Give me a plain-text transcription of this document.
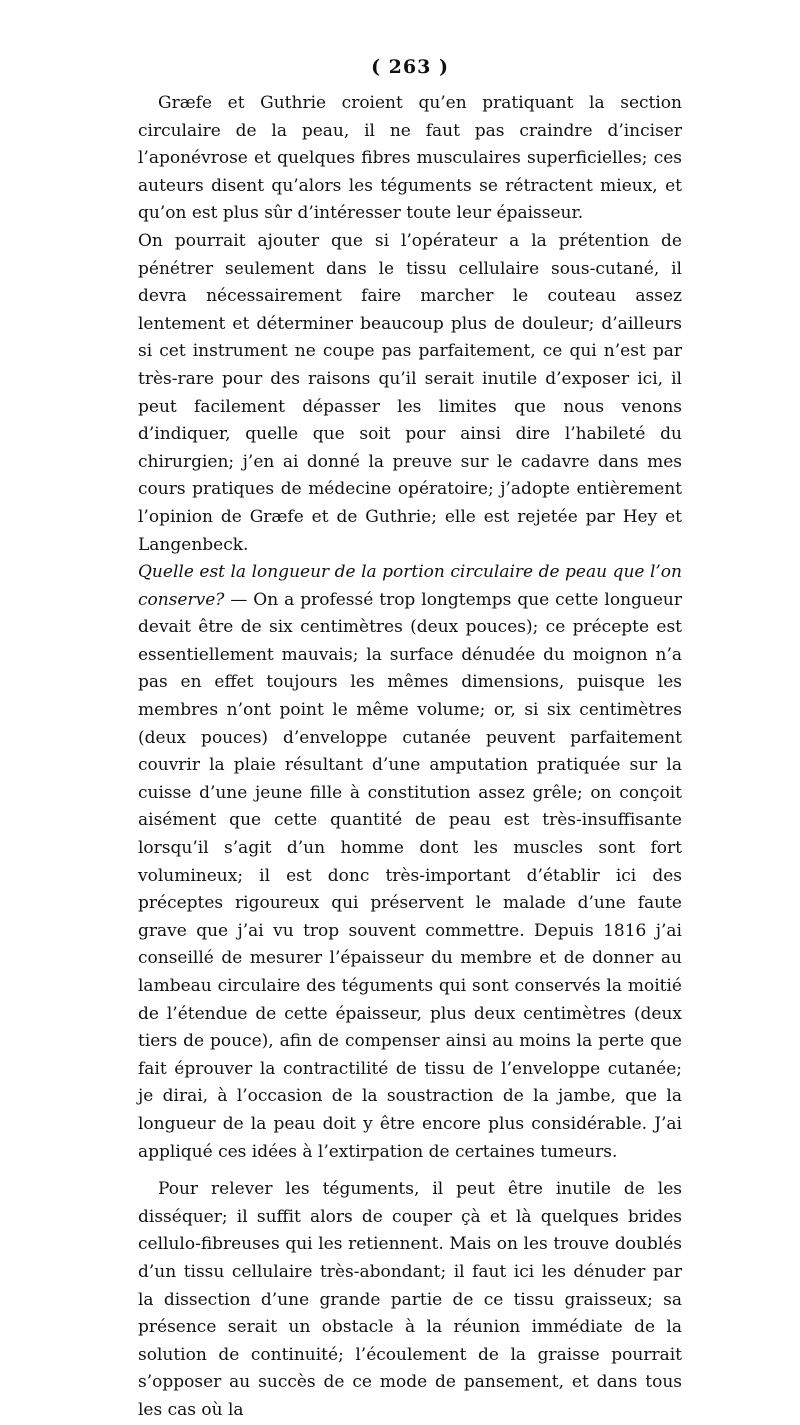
( 263 )

Græfe et Guthrie croient qu’en pratiquant la section circulaire de la peau, il ne faut pas craindre d’inciser l’aponévrose et quelques fibres musculaires superficielles; ces auteurs disent qu’alors les téguments se rétractent mieux, et qu’on est plus sûr d’intéresser toute leur épaisseur.

On pourrait ajouter que si l’opérateur a la prétention de pénétrer seulement dans le tissu cellulaire sous-cutané, il devra nécessairement faire marcher le couteau assez lentement et déterminer beaucoup plus de douleur; d’ailleurs si cet instrument ne coupe pas parfaitement, ce qui n’est par très-rare pour des raisons qu’il serait inutile d’exposer ici, il peut facilement dépasser les limites que nous venons d’indiquer, quelle que soit pour ainsi dire l’habileté du chirurgien; j’en ai donné la preuve sur le cadavre dans mes cours pratiques de médecine opératoire; j’adopte entièrement l’opinion de Græfe et de Guthrie; elle est rejetée par Hey et Langenbeck.

Quelle est la longueur de la portion circulaire de peau que l’on conserve? — On a professé trop longtemps que cette longueur devait être de six centimètres (deux pouces); ce précepte est essentiellement mauvais; la surface dénudée du moignon n’a pas en effet toujours les mêmes dimensions, puisque les membres n’ont point le même volume; or, si six centimètres (deux pouces) d’enveloppe cutanée peuvent parfaitement couvrir la plaie résultant d’une amputation pratiquée sur la cuisse d’une jeune fille à constitution assez grêle; on conçoit aisément que cette quantité de peau est très-insuffisante lorsqu’il s’agit d’un homme dont les muscles sont fort volumineux; il est donc très-important d’établir ici des préceptes rigoureux qui préservent le malade d’une faute grave que j’ai vu trop souvent commettre. Depuis 1816 j’ai conseillé de mesurer l’épaisseur du membre et de donner au lambeau circulaire des téguments qui sont conservés la moitié de l’étendue de cette épaisseur, plus deux centimètres (deux tiers de pouce), afin de compenser ainsi au moins la perte que fait éprouver la contractilité de tissu de l’enveloppe cutanée; je dirai, à l’occasion de la soustraction de la jambe, que la longueur de la peau doit y être encore plus considérable. J’ai appliqué ces idées à l’extirpation de certaines tumeurs.

Pour relever les téguments, il peut être inutile de les disséquer; il suffit alors de couper çà et là quelques brides cellulo-fibreuses qui les retiennent. Mais on les trouve doublés d’un tissu cellulaire très-abondant; il faut ici les dénuder par la dissection d’une grande partie de ce tissu graisseux; sa présence serait un obstacle à la réunion immédiate de la solution de continuité; l’écoulement de la graisse pourrait s’opposer au succès de ce mode de pansement, et dans tous les cas où la
